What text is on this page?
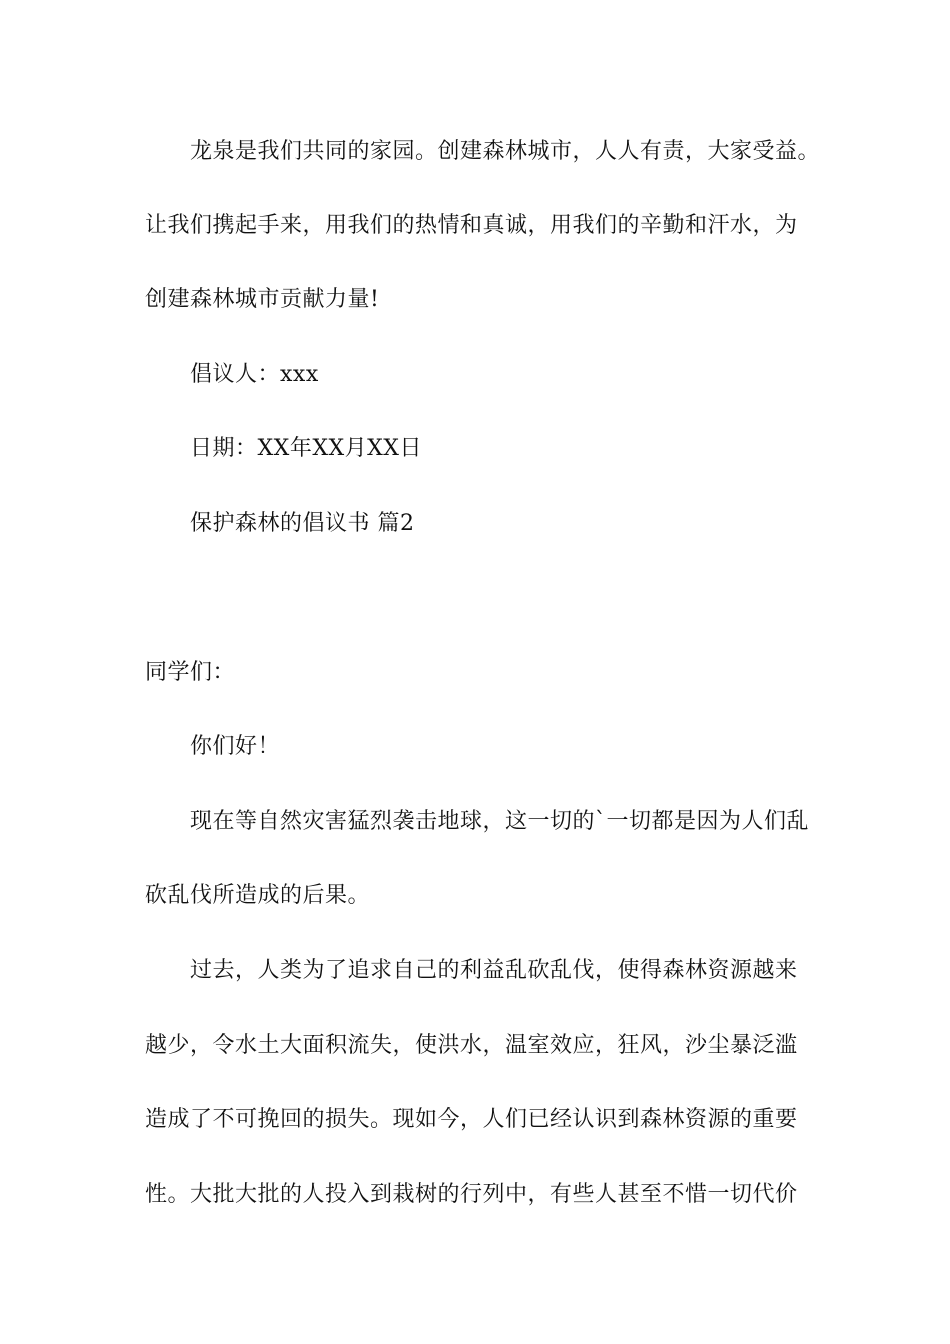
龙泉是我们共同的家园。创建森林城市，人人有责，大家受益。
让我们携起手来，用我们的热情和真诚，用我们的辛勤和汗水，为
创建森林城市贡献力量!
倡议人：xxx
日期：XX年XX月XX日
保护森林的倡议书 篇2
同学们：
你们好！
现在等自然灾害猛烈袭击地球，这一切的`一切都是因为人们乱
砍乱伐所造成的后果。
过去，人类为了追求自己的利益乱砍乱伐，使得森林资源越来
越少，令水土大面积流失，使洪水，温室效应，狂风，沙尘暴泛滥
造成了不可挽回的损失。现如今，人们已经认识到森林资源的重要
性。大批大批的人投入到栽树的行列中，有些人甚至不惜一切代价
